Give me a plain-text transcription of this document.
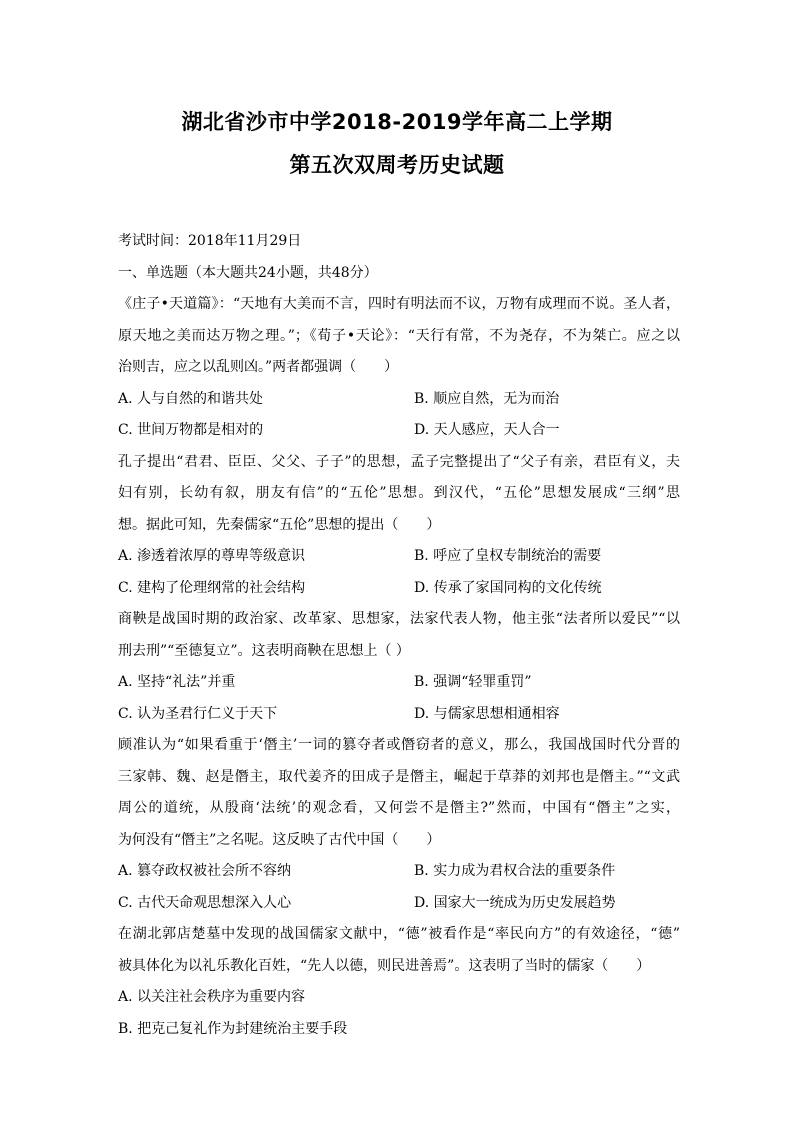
湖北省沙市中学2018-2019学年高二上学期
第五次双周考历史试题
考试时间：2018年11月29日
一、单选题（本大题共24小题，共48分）
《庄子•天道篇》：“天地有大美而不言，四时有明法而不议，万物有成理而不说。圣人者，
原天地之美而达万物之理。”；《荀子•天论》：“天行有常，不为尧存，不为桀亡。应之以
治则吉，应之以乱则凶。”两者都强调（　　）
A. 人与自然的和谐共处	B. 顺应自然，无为而治
C. 世间万物都是相对的	D. 天人感应，天人合一
孔子提出“君君、臣臣、父父、子子”的思想，孟子完整提出了“父子有亲，君臣有义，夫
妇有别，长幼有叙，朋友有信”的“五伦”思想。到汉代，“五伦”思想发展成“三纲”思
想。据此可知，先秦儒家“五伦”思想的提出（　　）
A. 渗透着浓厚的尊卑等级意识	B. 呼应了皇权专制统治的需要
C. 建构了伦理纲常的社会结构	D. 传承了家国同构的文化传统
商鞅是战国时期的政治家、改革家、思想家，法家代表人物，他主张“法者所以爱民”“以
刑去刑”“至德复立”。这表明商鞅在思想上（ ）
A. 坚持“礼法”并重	B. 强调“轻罪重罚”
C. 认为圣君行仁义于天下	D. 与儒家思想相通相容
顾准认为“如果看重于‘僭主’一词的篡夺者或僭窃者的意义，那么，我国战国时代分晋的
三家韩、魏、赵是僭主，取代姜齐的田成子是僭主，崛起于草莽的刘邦也是僭主。”“文武
周公的道统，从殷商‘法统’的观念看，又何尝不是僭主?”然而，中国有“僭主”之实，
为何没有“僭主”之名呢。这反映了古代中国（　　）
A. 篡夺政权被社会所不容纳	B. 实力成为君权合法的重要条件
C. 古代天命观思想深入人心	D. 国家大一统成为历史发展趋势
在湖北郭店楚墓中发现的战国儒家文献中，“德”被看作是“率民向方”的有效途径，“德”
被具体化为以礼乐教化百姓，“先人以德，则民进善焉”。这表明了当时的儒家（　　）
A. 以关注社会秩序为重要内容
B. 把克己复礼作为封建统治主要手段
